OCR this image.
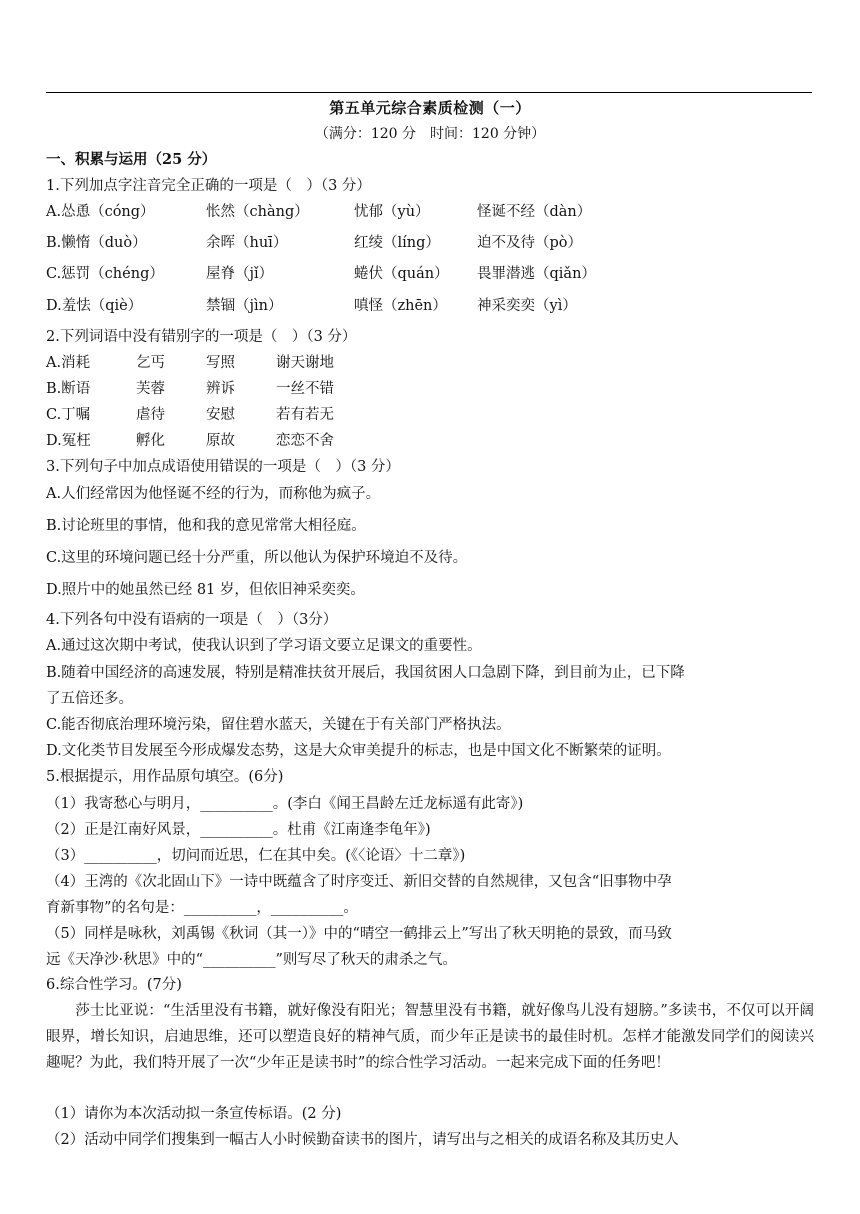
第五单元综合素质检测（一）
（满分：120 分　时间：120 分钟）
一、积累与运用（25 分）
1.下列加点字注音完全正确的一项是（　）（3 分）
A.怂恿（cóng）	怅然（chàng）	忧郁（yù）	怪诞不经（dàn）
B.懒惰（duò）	余晖（huī）	红绫（líng）	迫不及待（pò）
C.惩罚（chéng）	屋脊（jǐ）	蜷伏（quán） 畏罪潜逃（qiǎn）
D.羞怯（qiè）	禁锢（jìn）	嗔怪（zhēn） 神采奕奕（yì）
2.下列词语中没有错别字的一项是（　）（3 分）
A.消耗	乞丐	写照	谢天谢地
B.断语	芙蓉	辨诉	一丝不错
C.丁嘱	虐待	安慰	若有若无
D.冤枉	孵化	原故	恋恋不舍
3.下列句子中加点成语使用错误的一项是（　）（3 分）
A.人们经常因为他怪诞不经的行为，而称他为疯子。
B.讨论班里的事情，他和我的意见常常大相径庭。
C.这里的环境问题已经十分严重，所以他认为保护环境迫不及待。
D.照片中的她虽然已经 81 岁，但依旧神采奕奕。
4.下列各句中没有语病的一项是（　）（3分）
A.通过这次期中考试，使我认识到了学习语文要立足课文的重要性。
B.随着中国经济的高速发展，特别是精准扶贫开展后，我国贫困人口急剧下降，到目前为止，已下降
了五倍还多。
C.能否彻底治理环境污染，留住碧水蓝天，关键在于有关部门严格执法。
D.文化类节目发展至今形成爆发态势，这是大众审美提升的标志，也是中国文化不断繁荣的证明。
5.根据提示，用作品原句填空。(6分)
（1）我寄愁心与明月，__________。(李白《闻王昌龄左迁龙标遥有此寄》)
（2）正是江南好风景，__________。杜甫《江南逢李龟年》)
（3）__________，切问而近思，仁在其中矣。(《〈论语〉十二章》)
（4）王湾的《次北固山下》一诗中既蕴含了时序变迁、新旧交替的自然规律，又包含“旧事物中孕
育新事物”的名句是：__________，__________。
（5）同样是咏秋，刘禹锡《秋词（其一）》中的“晴空一鹤排云上”写出了秋天明艳的景致，而马致
远《天净沙·秋思》中的“__________”则写尽了秋天的肃杀之气。
6.综合性学习。(7分)
　　莎士比亚说：“生活里没有书籍，就好像没有阳光；智慧里没有书籍，就好像鸟儿没有翅膀。”多读书，不仅可以开阔眼界，增长知识，启迪思维，还可以塑造良好的精神气质，而少年正是读书的最佳时机。怎样才能激发同学们的阅读兴趣呢？为此，我们特开展了一次“少年正是读书时”的综合性学习活动。一起来完成下面的任务吧！
（1）请你为本次活动拟一条宣传标语。(2 分)
（2）活动中同学们搜集到一幅古人小时候勤奋读书的图片，请写出与之相关的成语名称及其历史人
